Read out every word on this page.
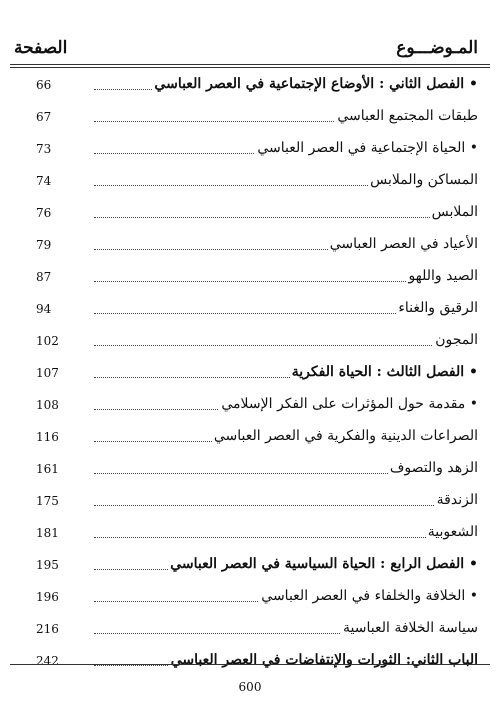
المـوضـــوع
الصفحة
• الفصل الثاني : الأوضاع الإجتماعية في العصر العباسي
66
طبقات المجتمع العباسي
67
• الحياة الإجتماعية في العصر العباسي
73
المساكن والملابس
74
الملابس
76
الأعياد في العصر العباسي
79
الصيد واللهو
87
الرقيق والغناء
94
المجون
102
• الفصل الثالث : الحياة الفكرية
107
• مقدمة حول المؤثرات على الفكر الإسلامي
108
الصراعات الدينية والفكرية في العصر العباسي
116
الزهد والتصوف
161
الزندقة
175
الشعوبية
181
• الفصل الرابع : الحياة السياسية في العصر العباسي
195
• الخلافة والخلفاء في العصر العباسي
196
سياسة الخلافة العباسية
216
الباب الثاني: الثورات والإنتفاضات في العصر العباسي
242
600
